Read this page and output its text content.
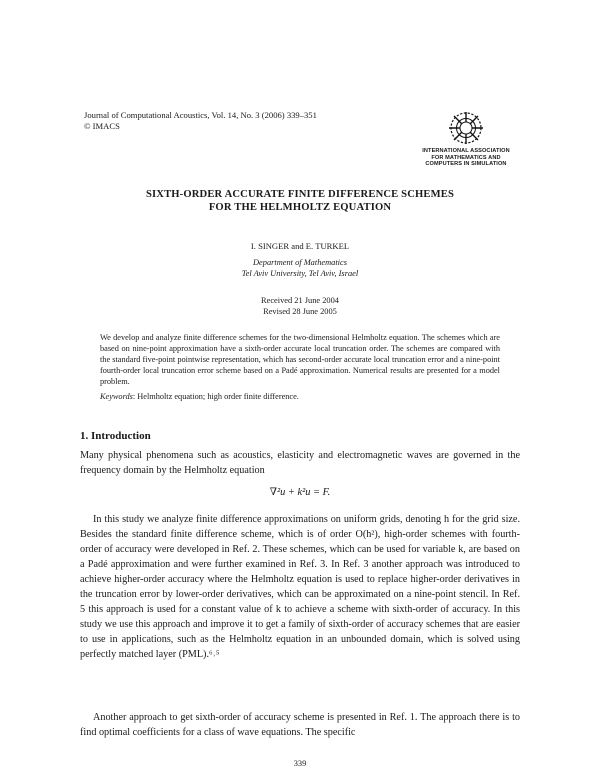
Journal of Computational Acoustics, Vol. 14, No. 3 (2006) 339–351
© IMACS
INTERNATIONAL ASSOCIATION
FOR MATHEMATICS AND
COMPUTERS IN SIMULATION
SIXTH-ORDER ACCURATE FINITE DIFFERENCE SCHEMES
FOR THE HELMHOLTZ EQUATION
I. SINGER and E. TURKEL
Department of Mathematics
Tel Aviv University, Tel Aviv, Israel
Received 21 June 2004
Revised 28 June 2005
We develop and analyze finite difference schemes for the two-dimensional Helmholtz equation. The schemes which are based on nine-point approximation have a sixth-order accurate local truncation order. The schemes are compared with the standard five-point pointwise representation, which has second-order accurate local truncation error and a nine-point fourth-order local truncation error scheme based on a Padé approximation. Numerical results are presented for a model problem.
Keywords: Helmholtz equation; high order finite difference.
1. Introduction
Many physical phenomena such as acoustics, elasticity and electromagnetic waves are governed in the frequency domain by the Helmholtz equation
∇²u + k²u = F.
In this study we analyze finite difference approximations on uniform grids, denoting h for the grid size. Besides the standard finite difference scheme, which is of order O(h²), high-order schemes with fourth-order of accuracy were developed in Ref. 2. These schemes, which can be used for variable k, are based on a Padé approximation and were further examined in Ref. 3. In Ref. 3 another approach was introduced to achieve higher-order accuracy where the Helmholtz equation is used to replace higher-order derivatives in the truncation error by lower-order derivatives, which can be approximated on a nine-point stencil. In Ref. 5 this approach is used for a constant value of k to achieve a scheme with sixth-order of accuracy. In this study we use this approach and improve it to get a family of sixth-order of accuracy schemes that are easier to use in applications, such as the Helmholtz equation in an unbounded domain, which is solved using perfectly matched layer (PML).⁶˒⁵
Another approach to get sixth-order of accuracy scheme is presented in Ref. 1. The approach there is to find optimal coefficients for a class of wave equations. The specific
339
